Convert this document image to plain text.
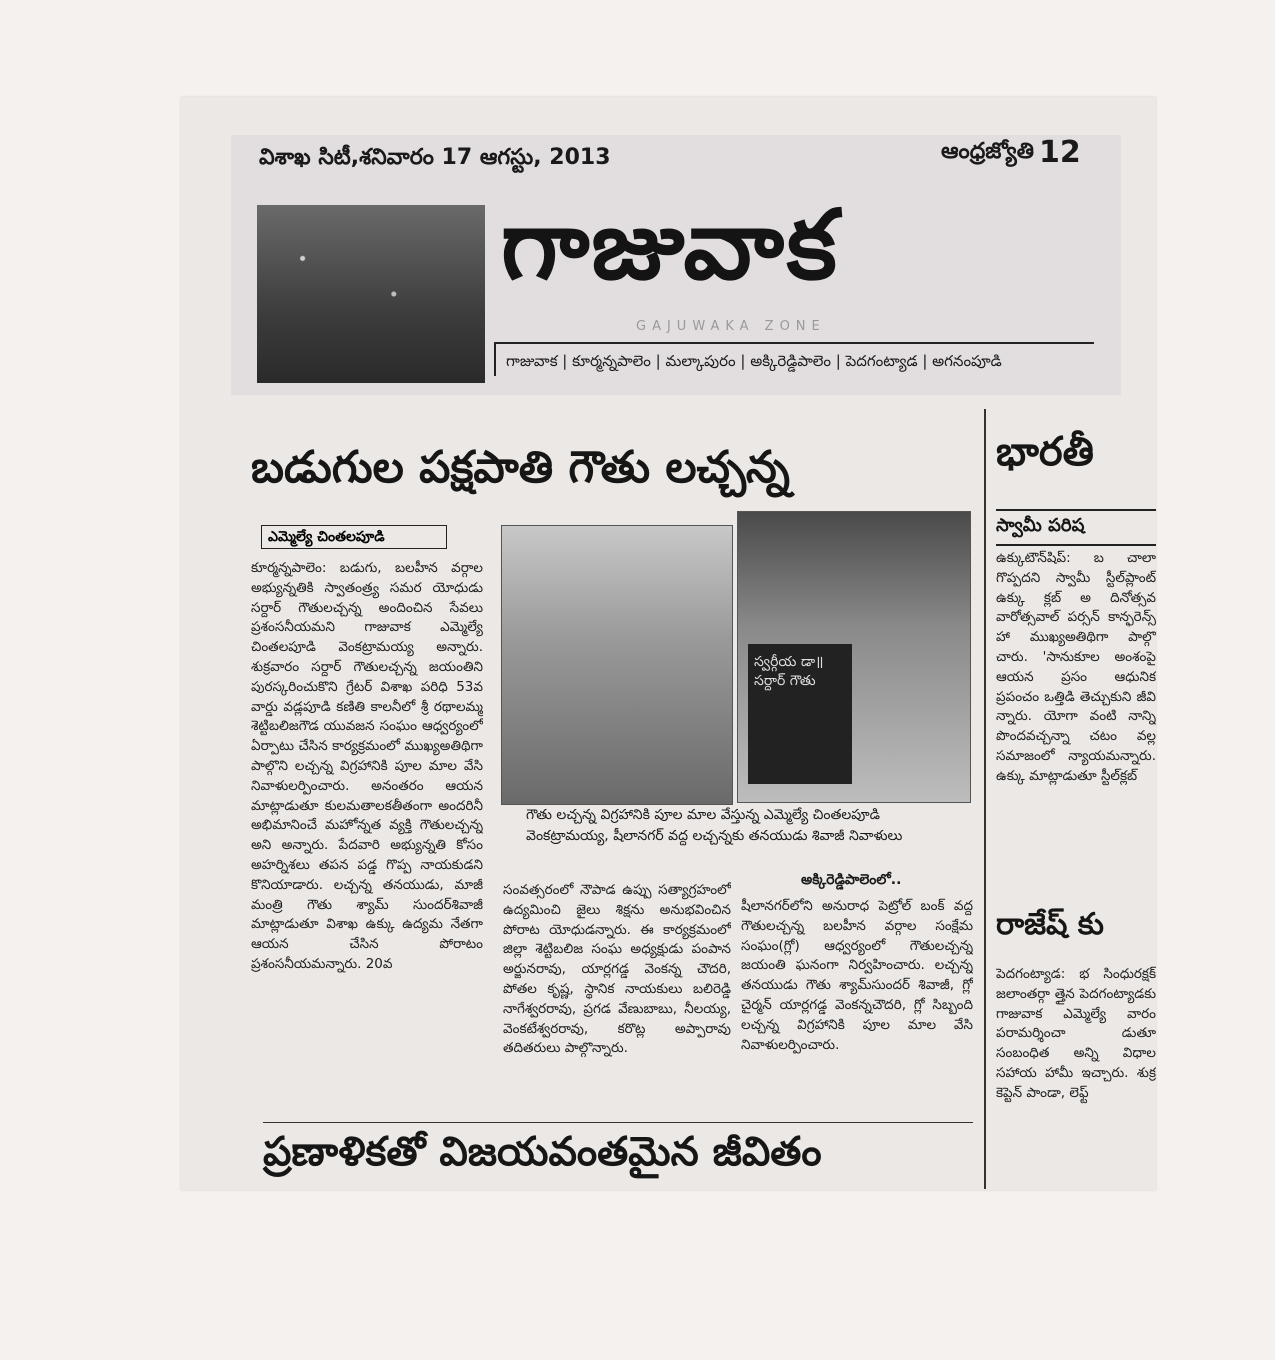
విశాఖ సిటీ,శనివారం 17 ఆగస్టు, 2013	ఆంధ్రజ్యోతి 12
గాజువాక
GAJUWAKA ZONE
గాజువాక | కూర్మన్నపాలెం | మల్కాపురం | అక్కిరెడ్డిపాలెం | పెదగంట్యాడ | అగనంపూడి
బడుగుల పక్షపాతి గౌతు లచ్చన్న
ఎమ్మెల్యే చింతలపూడి
కూర్మన్నపాలెం: బడుగు, బలహీన వర్గాల అభ్యున్నతికి స్వాతంత్ర్య సమర యోధుడు సర్దార్ గౌతులచ్చన్న అందించిన సేవలు ప్రశంసనీయమని గాజువాక ఎమ్మెల్యే చింతలపూడి వెంకట్రామయ్య అన్నారు. శుక్రవారం సర్దార్ గౌతులచ్చన్న జయంతిని పురస్కరించుకొని గ్రేటర్ విశాఖ పరిధి 53వ వార్డు వడ్లపూడి కణితి కాలనీలో శ్రీ రథాలమ్మ శెట్టిబలిజగౌడ యువజన సంఘం ఆధ్వర్యంలో ఏర్పాటు చేసిన కార్యక్రమంలో ముఖ్యఅతిథిగా పాల్గొని లచ్చన్న విగ్రహానికి పూల మాల వేసి నివాళులర్పించారు. అనంతరం ఆయన మాట్లాడుతూ కులమతాలకతీతంగా అందరినీ అభిమానించే మహోన్నత వ్యక్తి గౌతులచ్చన్న అని అన్నారు. పేదవారి అభ్యున్నతి కోసం అహర్నిశలు తపన పడ్డ గొప్ప నాయకుడని కొనియాడారు. లచ్చన్న తనయుడు, మాజీ మంత్రి గౌతు శ్యామ్ సుందర్‌శివాజీ మాట్లాడుతూ విశాఖ ఉక్కు ఉద్యమ నేతగా ఆయన చేసిన పోరాటం ప్రశంసనీయమన్నారు. 20వ
స్వర్గీయ డా॥ సర్దార్ గౌతు
గౌతు లచ్చన్న విగ్రహానికి పూల మాల వేస్తున్న ఎమ్మెల్యే చింతలపూడి వెంకట్రామయ్య, షీలానగర్ వద్ద లచ్చన్నకు తనయుడు శివాజీ నివాళులు
సంవత్సరంలో నౌపాడ ఉప్పు సత్యాగ్రహంలో ఉద్యమించి జైలు శిక్షను అనుభవించిన పోరాట యోధుడన్నారు. ఈ కార్యక్రమంలో జిల్లా శెట్టిబలిజ సంఘ అధ్యక్షుడు పంపాన అర్జునరావు, యార్లగడ్డ వెంకన్న చౌదరి, పోతల కృష్ణ, స్థానిక నాయకులు బలిరెడ్డి నాగేశ్వరరావు, ప్రగడ వేణుబాబు, నీలయ్య, వెంకటేశ్వరరావు, కరొట్ల అప్పారావు తదితరులు పాల్గొన్నారు.
అక్కిరెడ్డిపాలెంలో..
షీలానగర్‌లోని అనురాధ పెట్రోల్ బంక్ వద్ద గౌతులచ్చన్న బలహీన వర్గాల సంక్షేమ సంఘం(గ్లో) ఆధ్వర్యంలో గౌతులచ్చన్న జయంతి ఘనంగా నిర్వహించారు. లచ్చన్న తనయుడు గౌతు శ్యామ్‌సుందర్ శివాజీ, గ్లో చైర్మన్ యార్లగడ్డ వెంకన్నచౌదరి, గ్లో సిబ్బంది లచ్చన్న విగ్రహానికి పూల మాల వేసి నివాళులర్పించారు.
ప్రణాళికతో విజయవంతమైన జీవితం
భారతీ
స్వామీ పరిష
ఉక్కుటౌన్‌షిప్: బ చాలా గొప్పదని స్వామీ స్టీల్‌ప్లాంట్ ఉక్కు క్లబ్ అ దినోత్సవ వారోత్సవాల్ పర్సన్ కాన్ఫరెన్స్ హా ముఖ్యఅతిథిగా పాల్గొ చారు. 'సానుకూల అంశంపై ఆయన ప్రసం ఆధునిక ప్రపంచం ఒత్తిడి తెచ్చుకుని జీవి న్నారు. యోగా వంటి నాన్ని పొందవచ్చన్నా చటం వల్ల సమాజంలో న్యాయమన్నారు. ఉక్కు మాట్లాడుతూ స్టీల్‌క్లబ్
రాజేష్ కు
పెదగంట్యాడ: భ సింధురక్షక్ జలాంతర్గా త్తైన పెదగంట్యాడకు గాజువాక ఎమ్మెల్యే వారం పరామర్శించా డుతూ సంబంధిత అన్ని విధాల సహాయ హామీ ఇచ్చారు. శుక్ర కెప్టెన్ పాండా, లెఫ్ట్
